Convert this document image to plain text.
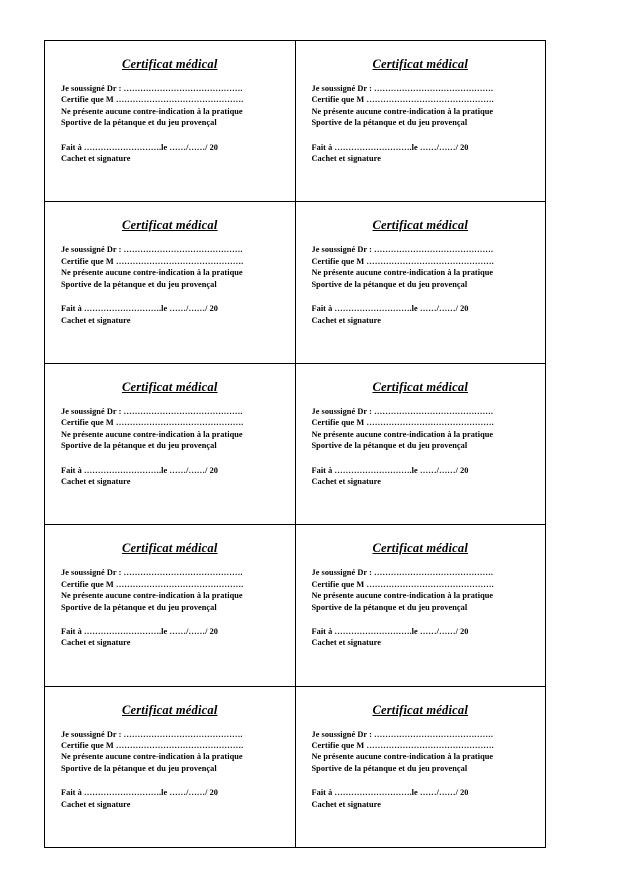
Certificat médical
Je soussigné Dr : …………………………………….
Certifie que M ……………………………………….
Ne présente aucune contre-indication à la pratique
Sportive de la pétanque et du jeu provençal
Fait à ……………………….le ……/……/ 20
Cachet et signature
Certificat médical
Je soussigné Dr : …………………………………….
Certifie que M ……………………………………….
Ne présente aucune contre-indication à la pratique
Sportive de la pétanque et du jeu provençal
Fait à ……………………….le ……/……/ 20
Cachet et signature
Certificat médical
Je soussigné Dr : …………………………………….
Certifie que M ……………………………………….
Ne présente aucune contre-indication à la pratique
Sportive de la pétanque et du jeu provençal
Fait à ……………………….le ……/……/ 20
Cachet et signature
Certificat médical
Je soussigné Dr : …………………………………….
Certifie que M ……………………………………….
Ne présente aucune contre-indication à la pratique
Sportive de la pétanque et du jeu provençal
Fait à ……………………….le ……/……/ 20
Cachet et signature
Certificat médical
Je soussigné Dr : …………………………………….
Certifie que M ……………………………………….
Ne présente aucune contre-indication à la pratique
Sportive de la pétanque et du jeu provençal
Fait à ……………………….le ……/……/ 20
Cachet et signature
Certificat médical
Je soussigné Dr : …………………………………….
Certifie que M ……………………………………….
Ne présente aucune contre-indication à la pratique
Sportive de la pétanque et du jeu provençal
Fait à ……………………….le ……/……/ 20
Cachet et signature
Certificat médical
Je soussigné Dr : …………………………………….
Certifie que M ……………………………………….
Ne présente aucune contre-indication à la pratique
Sportive de la pétanque et du jeu provençal
Fait à ……………………….le ……/……/ 20
Cachet et signature
Certificat médical
Je soussigné Dr : …………………………………….
Certifie que M ……………………………………….
Ne présente aucune contre-indication à la pratique
Sportive de la pétanque et du jeu provençal
Fait à ……………………….le ……/……/ 20
Cachet et signature
Certificat médical
Je soussigné Dr : …………………………………….
Certifie que M ……………………………………….
Ne présente aucune contre-indication à la pratique
Sportive de la pétanque et du jeu provençal
Fait à ……………………….le ……/……/ 20
Cachet et signature
Certificat médical
Je soussigné Dr : …………………………………….
Certifie que M ……………………………………….
Ne présente aucune contre-indication à la pratique
Sportive de la pétanque et du jeu provençal
Fait à ……………………….le ……/……/ 20
Cachet et signature
